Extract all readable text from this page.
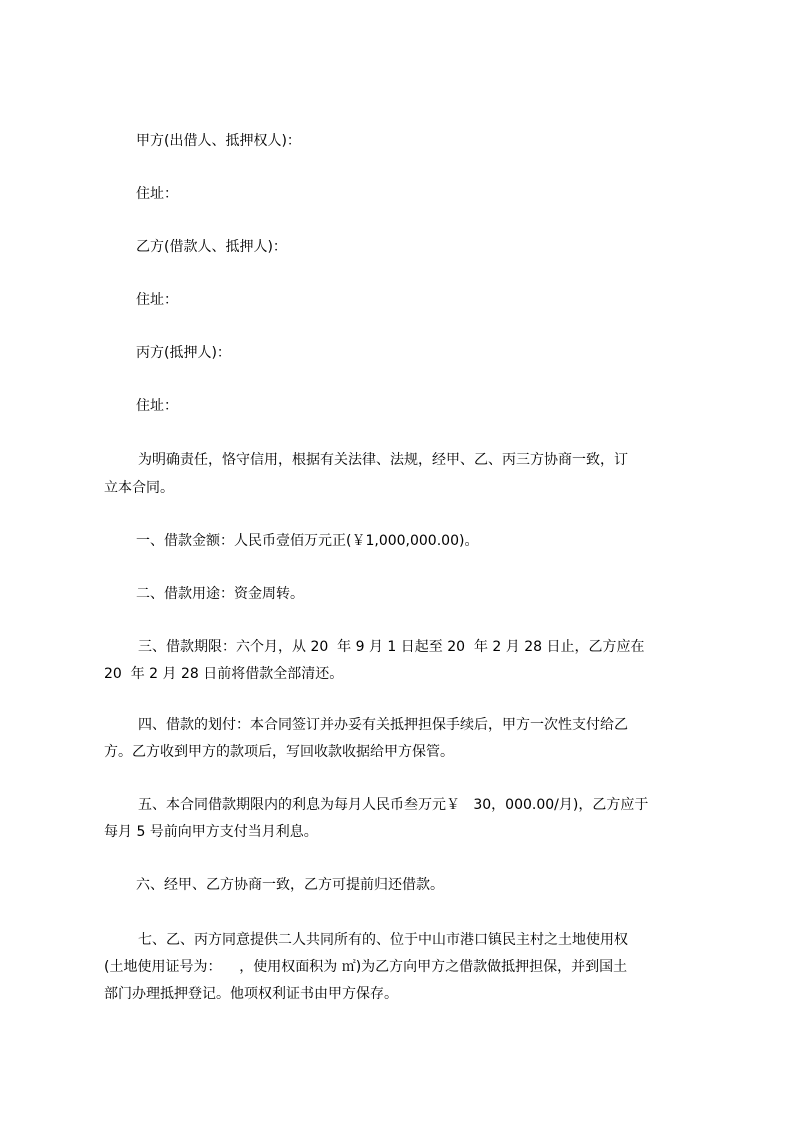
甲方(出借人、抵押权人)：

住址：

乙方(借款人、抵押人)：

住址：

丙方(抵押人)：

住址：

为明确责任，恪守信用，根据有关法律、法规，经甲、乙、丙三方协商一致，订

立本合同。

一、借款金额：人民币壹佰万元正(￥1,000,000.00)。

二、借款用途：资金周转。

三、借款期限：六个月，从 20  年 9 月 1 日起至 20  年 2 月 28 日止，乙方应在

20  年 2 月 28 日前将借款全部清还。

四、借款的划付：本合同签订并办妥有关抵押担保手续后，甲方一次性支付给乙

方。乙方收到甲方的款项后，写回收款收据给甲方保管。

五、本合同借款期限内的利息为每月人民币叁万元￥   30，000.00/月)，乙方应于

每月 5 号前向甲方支付当月利息。

六、经甲、乙方协商一致，乙方可提前归还借款。

七、乙、丙方同意提供二人共同所有的、位于中山市港口镇民主村之土地使用权

(土地使用证号为：    ，使用权面积为 ㎡)为乙方向甲方之借款做抵押担保，并到国土

部门办理抵押登记。他项权利证书由甲方保存。
